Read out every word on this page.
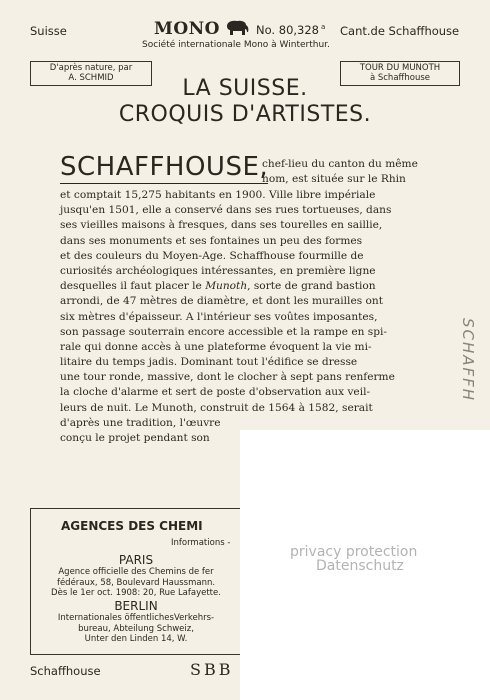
Suisse	MONO	No. 80,328 $^a$ Cant.de Schaffhouse
Société internationale Mono à Winterthur.
D'après nature, par
A. SCHMID
TOUR DU MUNOTH
à Schaffhouse
LA SUISSE.
CROQUIS D'ARTISTES.
SCHAFFHOUSE,
chef-lieu du canton du même
nom, est située sur le Rhin
et comptait 15,275 habitants en 1900. Ville libre impériale
jusqu'en 1501, elle a conservé dans ses rues tortueuses, dans
ses vieilles maisons à fresques, dans ses tourelles en saillie,
dans ses monuments et ses fontaines un peu des formes
et des couleurs du Moyen-Age. Schaffhouse fourmille de
curiosités archéologiques intéressantes, en première ligne
desquelles il faut placer le Munoth, sorte de grand bastion
arrondi, de 47 mètres de diamètre, et dont les murailles ont
six mètres d'épaisseur. A l'intérieur ses voûtes imposantes,
son passage souterrain encore accessible et la rampe en spi-
rale qui donne accès à une plateforme évoquent la vie mi-
litaire du temps jadis. Dominant tout l'édifice se dresse
une tour ronde, massive, dont le clocher à sept pans renferme
la cloche d'alarme et sert de poste d'observation aux veil-
leurs de nuit. Le Munoth, construit de 1564 à 1582, serait
d'après une tradition, l'œuvre
conçu le projet pendant son
SCHAFFH
AGENCES DES CHEMI
Informations -
PARIS
Agence officielle des Chemins de fer
fédéraux, 58, Boulevard Haussmann.
Dès le 1er oct. 1908: 20, Rue Lafayette.
BERLIN
Internationales öffentlichesVerkehrs-
bureau, Abteilung Schweiz,
Unter den Linden 14, W.
Schaffhouse	SBB
privacy protection
Datenschutz
